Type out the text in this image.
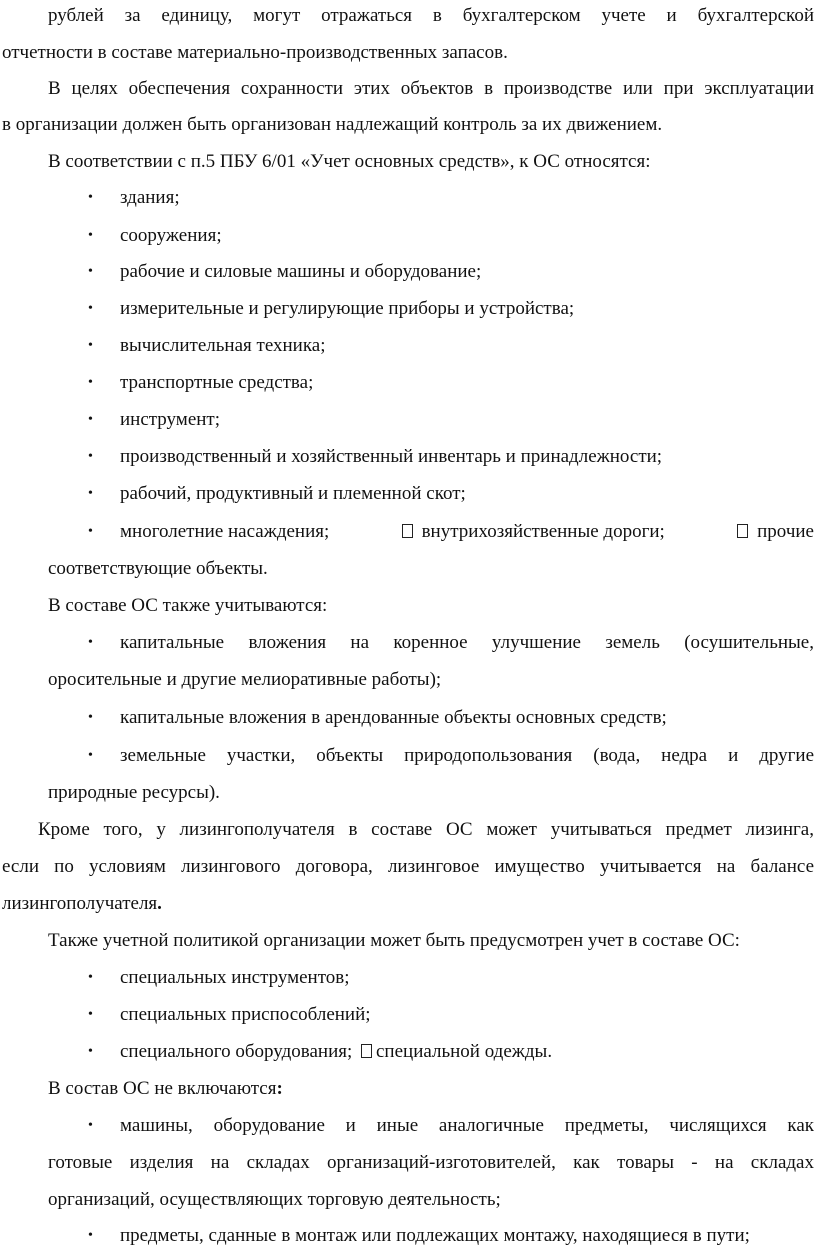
рублей за единицу, могут отражаться в бухгалтерском учете и бухгалтерской
отчетности в составе материально-производственных запасов.
В целях обеспечения сохранности этих объектов в производстве или при эксплуатации
в организации должен быть организован надлежащий контроль за их движением.
В соответствии с п.5 ПБУ 6/01 «Учет основных средств», к ОС относятся:
• здания;
• сооружения;
• рабочие и силовые машины и оборудование;
• измерительные и регулирующие приборы и устройства;
• вычислительная техника;
• транспортные средства;
• инструмент;
• производственный и хозяйственный инвентарь и принадлежности;
• рабочий, продуктивный и племенной скот;
• многолетние насаждения;	внутрихозяйственные дороги;	прочие
соответствующие объекты.
В составе ОС также учитываются:
• капитальные вложения на коренное улучшение земель (осушительные,
оросительные и другие мелиоративные работы);
• капитальные вложения в арендованные объекты основных средств;
• земельные участки, объекты природопользования (вода, недра и другие
природные ресурсы).
Кроме того, у лизингополучателя в составе ОС может учитываться предмет лизинга,
если по условиям лизингового договора, лизинговое имущество учитывается на балансе
лизингополучателя.
Также учетной политикой организации может быть предусмотрен учет в составе ОС:
• специальных инструментов;
• специальных приспособлений;
• специального оборудования; специальной одежды.
В состав ОС не включаются:
• машины, оборудование и иные аналогичные предметы, числящихся как
готовые изделия на складах организаций-изготовителей, как товары - на складах
организаций, осуществляющих торговую деятельность;
• предметы, сданные в монтаж или подлежащих монтажу, находящиеся в пути;
